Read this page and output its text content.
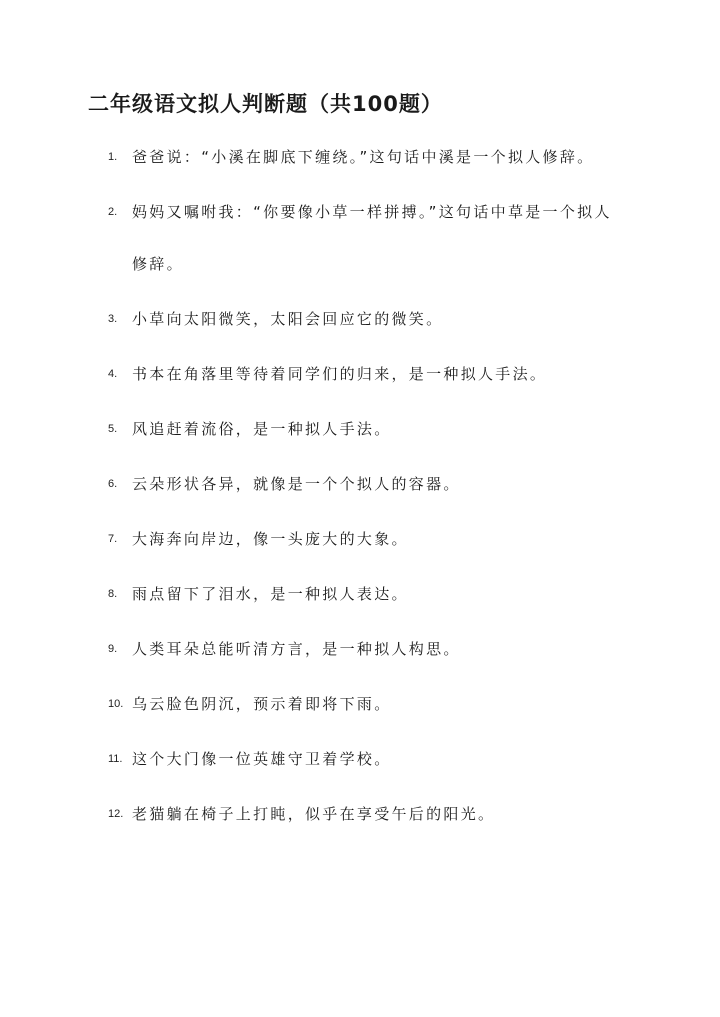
二年级语文拟人判断题（共100题）
1. 爸爸说：“小溪在脚底下缠绕。”这句话中溪是一个拟人修辞。
2. 妈妈又嘱咐我：“你要像小草一样拼搏。”这句话中草是一个拟人修辞。
3. 小草向太阳微笑，太阳会回应它的微笑。
4. 书本在角落里等待着同学们的归来，是一种拟人手法。
5. 风追赶着流俗，是一种拟人手法。
6. 云朵形状各异，就像是一个个拟人的容器。
7. 大海奔向岸边，像一头庞大的大象。
8. 雨点留下了泪水，是一种拟人表达。
9. 人类耳朵总能听清方言，是一种拟人构思。
10. 乌云脸色阴沉，预示着即将下雨。
11. 这个大门像一位英雄守卫着学校。
12. 老猫躺在椅子上打盹，似乎在享受午后的阳光。
